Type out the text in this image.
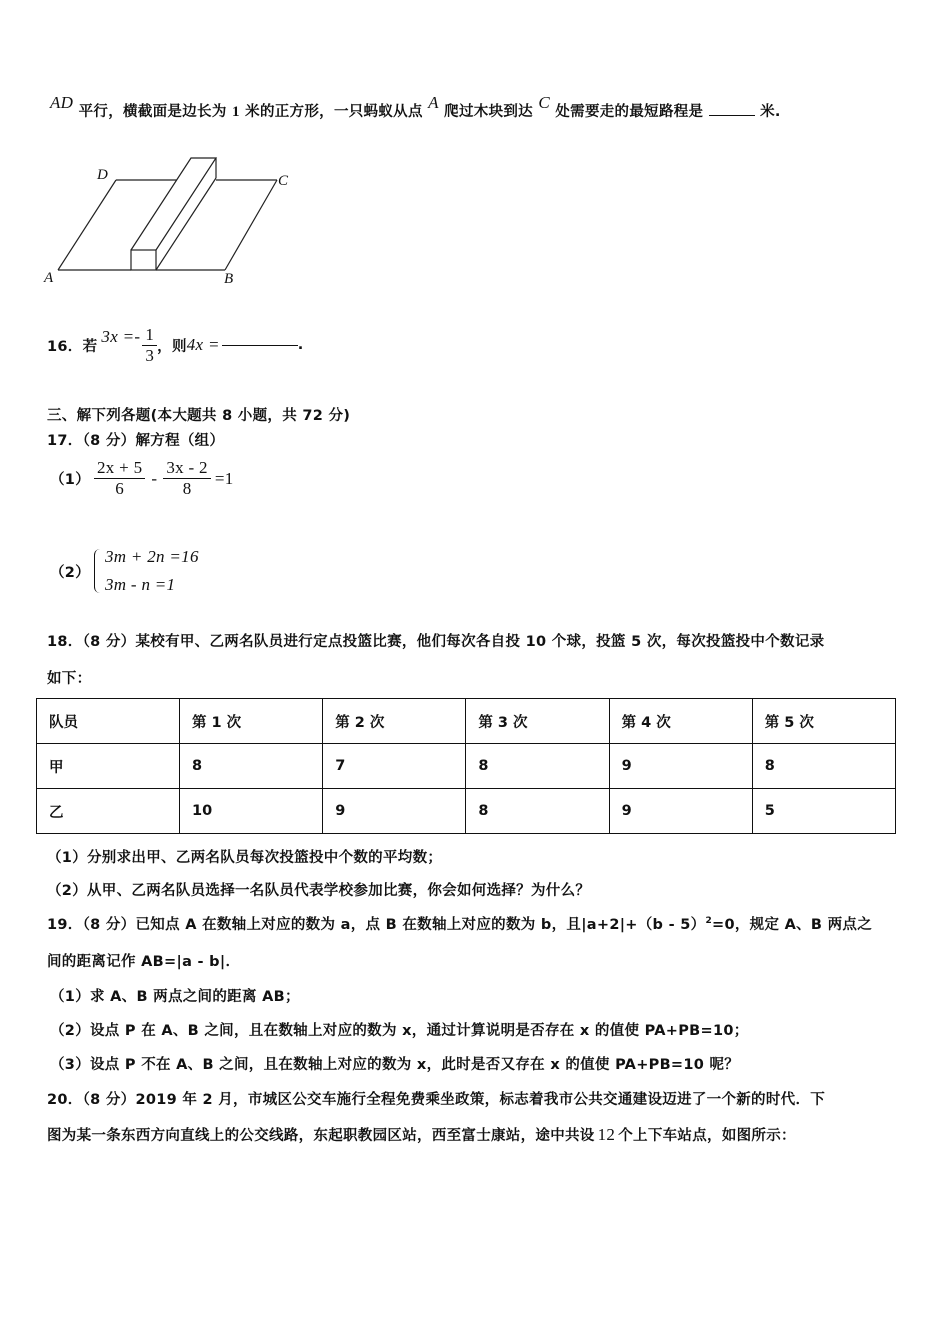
AD 平行，横截面是边长为 1 米的正方形，一只蚂蚁从点 A 爬过木块到达 C 处需要走的最短路程是	米.
D	C
A	B
16．若
$3x =- \frac{1}{3}$ ，则 4x =	.
三、解下列各题(本大题共 8 小题，共 72 分)
17．（8 分）解方程（组）
$(1) \frac{2x + 5}{6} - \frac{3x - 2}{8} =1$
（2）
3m + 2n =16
3m - n =1
18．（8 分）某校有甲、乙两名队员进行定点投篮比赛，他们每次各自投 10 个球，投篮 5 次，每次投篮投中个数记录
如下：
队员	第 1 次	第 2 次	第 3 次	第 4 次	第 5 次
甲	8	7	8	9	8
乙	10	9	8	9	5
（1）分别求出甲、乙两名队员每次投篮投中个数的平均数；
（2）从甲、乙两名队员选择一名队员代表学校参加比赛，你会如何选择？为什么？
19．（8 分）已知点 A 在数轴上对应的数为 a，点 B 在数轴上对应的数为 b，且|a+2|+（b - 5）$^2$=0，规定 A、B 两点之
间的距离记作 AB=|a - b|．
（1）求 A、B 两点之间的距离 AB；
（2）设点 P 在 A、B 之间，且在数轴上对应的数为 x，通过计算说明是否存在 x 的值使 PA+PB=10；
（3）设点 P 不在 A、B 之间，且在数轴上对应的数为 x，此时是否又存在 x 的值使 PA+PB=10 呢？
20．（8 分）2019 年 2 月，市城区公交车施行全程免费乘坐政策，标志着我市公共交通建设迈进了一个新的时代．下
图为某一条东西方向直线上的公交线路，东起职教园区站，西至富士康站，途中共设 12 个上下车站点，如图所示：
